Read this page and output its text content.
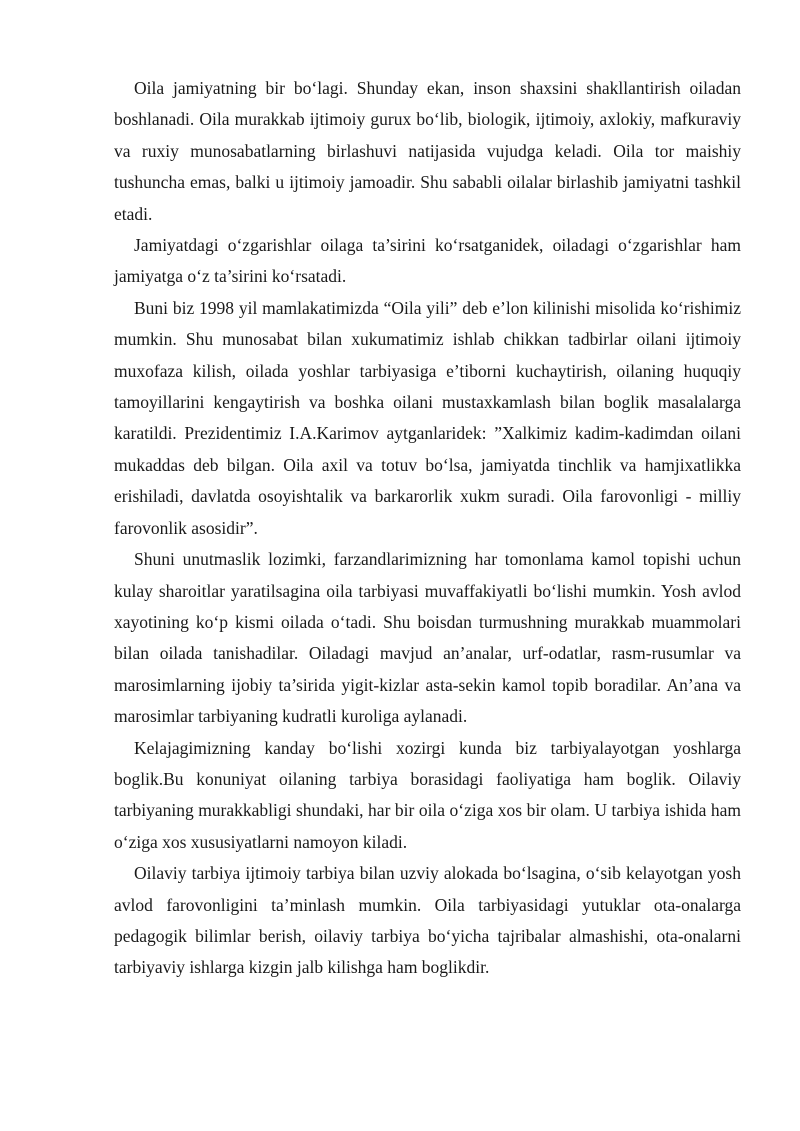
Oila jamiyatning bir bo‘lagi. Shunday ekan, inson shaxsini shakllantirish oiladan boshlanadi. Oila murakkab ijtimoiy gurux bo‘lib, biologik, ijtimoiy, axlokiy, mafkuraviy va ruxiy munosabatlarning birlashuvi natijasida vujudga keladi. Oila tor maishiy tushuncha emas, balki u ijtimoiy jamoadir. Shu sababli oilalar birlashib jamiyatni tashkil etadi.

Jamiyatdagi o‘zgarishlar oilaga ta’sirini ko‘rsatganidek, oiladagi o‘zgarishlar ham jamiyatga o‘z ta’sirini ko‘rsatadi.

Buni biz 1998 yil mamlakatimizda “Oila yili” deb e’lon kilinishi misolida ko‘rishimiz mumkin. Shu munosabat bilan xukumatimiz ishlab chikkan tadbirlar oilani ijtimoiy muxofaza kilish, oilada yoshlar tarbiyasiga e’tiborni kuchaytirish, oilaning huquqiy tamoyillarini kengaytirish va boshka oilani mustaxkamlash bilan boglik masalalarga karatildi. Prezidentimiz I.A.Karimov aytganlaridek: ”Xalkimiz kadim-kadimdan oilani mukaddas deb bilgan. Oila axil va totuv bo‘lsa, jamiyatda tinchlik va hamjixatlikka erishiladi, davlatda osoyishtalik va barkarorlik xukm suradi. Oila farovonligi - milliy farovonlik asosidir”.

Shuni unutmaslik lozimki, farzandlarimizning har tomonlama kamol topishi uchun kulay sharoitlar yaratilsagina oila tarbiyasi muvaffakiyatli bo‘lishi mumkin. Yosh avlod xayotining ko‘p kismi oilada o‘tadi. Shu boisdan turmushning murakkab muammolari bilan oilada tanishadilar. Oiladagi mavjud an’analar, urf-odatlar, rasm-rusumlar va marosimlarning ijobiy ta’sirida yigit-kizlar asta-sekin kamol topib boradilar. An’ana va marosimlar tarbiyaning kudratli kuroliga aylanadi.

Kelajagimizning kanday bo‘lishi xozirgi kunda biz tarbiyalayotgan yoshlarga boglik.Bu konuniyat oilaning tarbiya borasidagi faoliyatiga ham boglik. Oilaviy tarbiyaning murakkabligi shundaki, har bir oila o‘ziga xos bir olam. U tarbiya ishida ham o‘ziga xos xususiyatlarni namoyon kiladi.

Oilaviy tarbiya ijtimoiy tarbiya bilan uzviy alokada bo‘lsagina, o‘sib kelayotgan yosh avlod farovonligini ta’minlash mumkin. Oila tarbiyasidagi yutuklar ota-onalarga pedagogik bilimlar berish, oilaviy tarbiya bo‘yicha tajribalar almashishi, ota-onalarni tarbiyaviy ishlarga kizgin jalb kilishga ham boglikdir.
